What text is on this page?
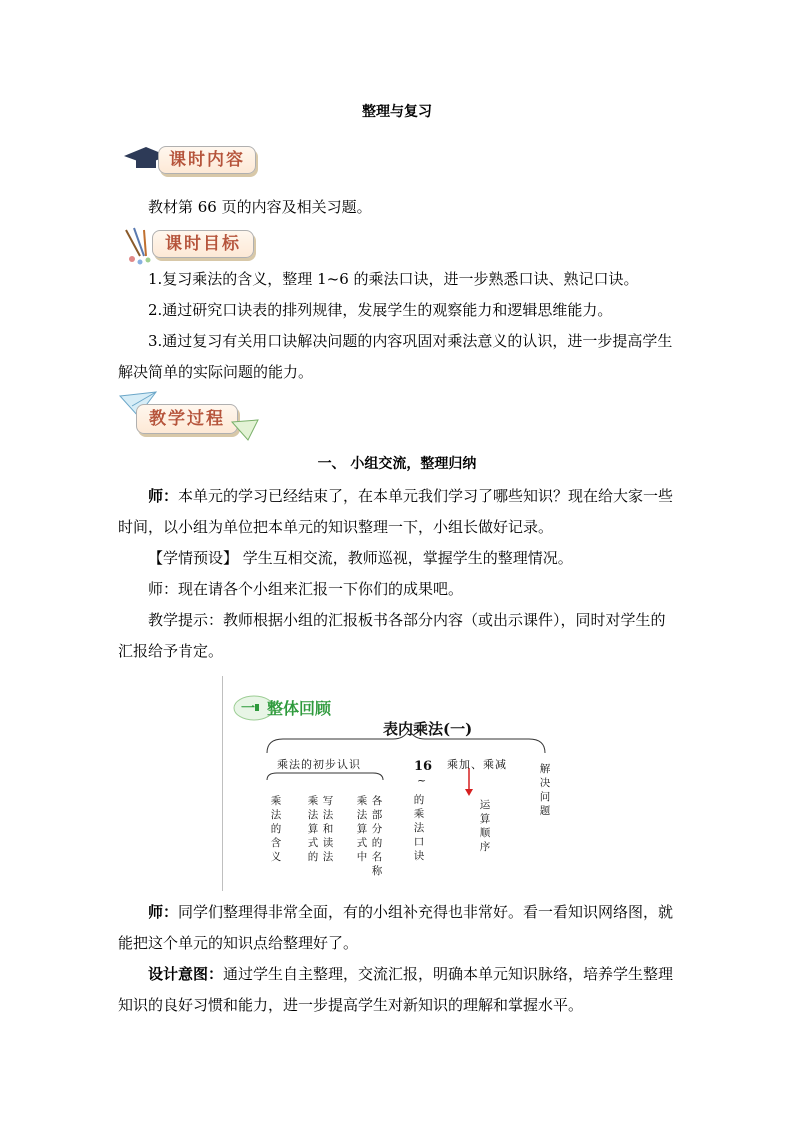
整理与复习
课时内容

教材第 66 页的内容及相关习题。

课时目标

1.复习乘法的含义，整理 1~6 的乘法口诀，进一步熟悉口诀、熟记口诀。

2.通过研究口诀表的排列规律，发展学生的观察能力和逻辑思维能力。

3.通过复习有关用口诀解决问题的内容巩固对乘法意义的认识，进一步提高学生解决简单的实际问题的能力。

教学过程
一、 小组交流，整理归纳

师：本单元的学习已经结束了，在本单元我们学习了哪些知识？现在给大家一些时间，以小组为单位把本单元的知识整理一下，小组长做好记录。

【学情预设】 学生互相交流，教师巡视，掌握学生的整理情况。

师：现在请各个小组来汇报一下你们的成果吧。

教学提示：教师根据小组的汇报板书各部分内容（或出示课件），同时对学生的汇报给予肯定。

一 整体回顾
表内乘法(一)
乘法的初步认识	16
~
的乘法口诀
乘加、乘减	解决问题
乘法的含义
乘法算式的
写法和读法
乘法算式中
各部分的名称
运算顺序

师：同学们整理得非常全面，有的小组补充得也非常好。看一看知识网络图，就能把这个单元的知识点给整理好了。

设计意图：通过学生自主整理，交流汇报，明确本单元知识脉络，培养学生整理知识的良好习惯和能力，进一步提高学生对新知识的理解和掌握水平。
